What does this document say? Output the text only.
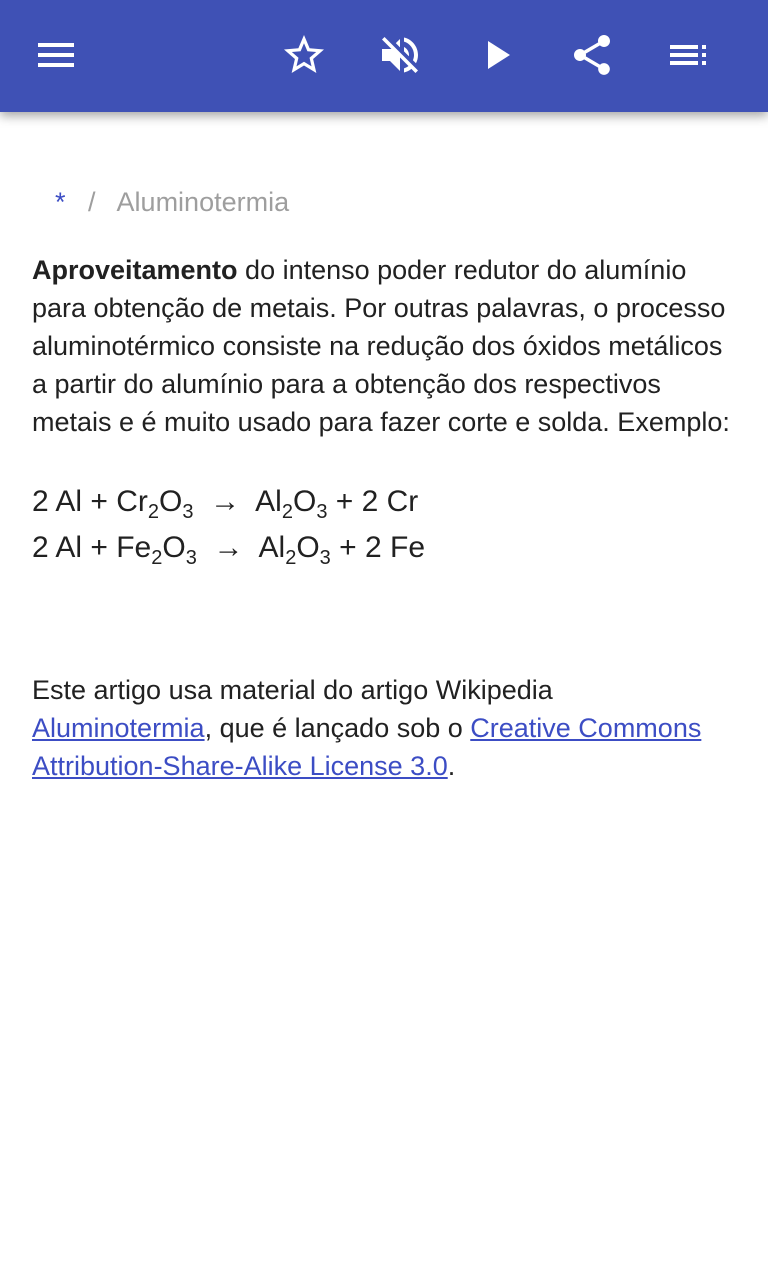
*   /   Aluminotermia

Aproveitamento do intenso poder redutor do alumínio para obtenção de metais. Por outras palavras, o processo aluminotérmico consiste na redução dos óxidos metálicos a partir do alumínio para a obtenção dos respectivos metais e é muito usado para fazer corte e solda. Exemplo:

2 $Al + Cr_2O_3 \to Al_2O_3 + 2$ Cr
2 $Al + Fe_2O_3 \to Al_2O_3 + 2$ Fe

Este artigo usa material do artigo Wikipedia Aluminotermia, que é lançado sob o Creative Commons Attribution-Share-Alike License 3.0.
